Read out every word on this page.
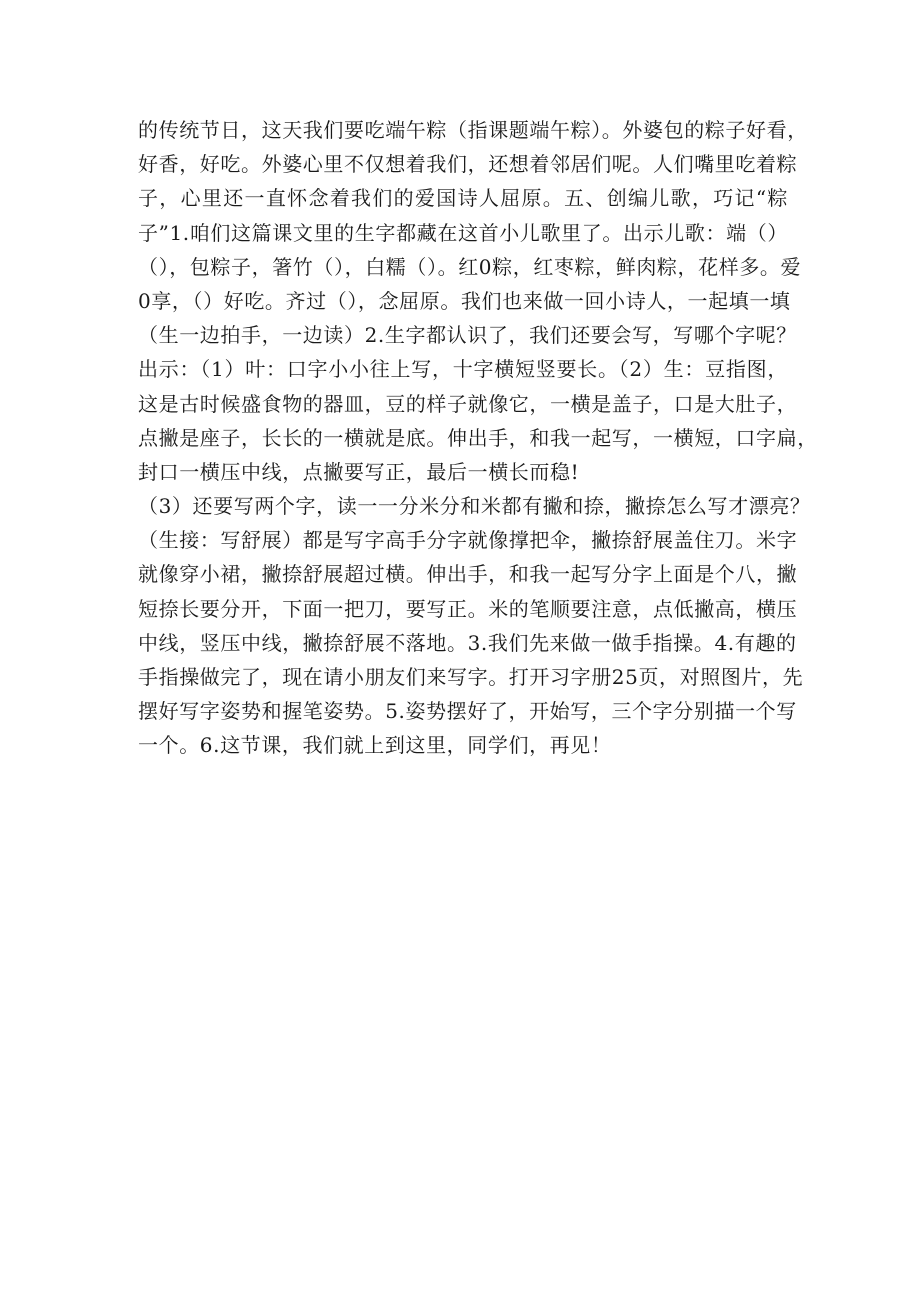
的传统节日，这天我们要吃端午粽（指课题端午粽）。外婆包的粽子好看，
好香，好吃。外婆心里不仅想着我们，还想着邻居们呢。人们嘴里吃着粽
子，心里还一直怀念着我们的爱国诗人屈原。五、创编儿歌，巧记“粽
子”1.咱们这篇课文里的生字都藏在这首小儿歌里了。出示儿歌：端（）
（），包粽子，箸竹（），白糯（）。红0粽，红枣粽，鲜肉粽，花样多。爱
0享，（）好吃。齐过（），念屈原。我们也来做一回小诗人，一起填一填
（生一边拍手，一边读）2.生字都认识了，我们还要会写，写哪个字呢？
出示：（1）叶：口字小小往上写，十字横短竖要长。（2）生：豆指图，
这是古时候盛食物的器皿，豆的样子就像它，一横是盖子，口是大肚子，
点撇是座子，长长的一横就是底。伸出手，和我一起写，一横短，口字扁，
封口一横压中线，点撇要写正，最后一横长而稳!
（3）还要写两个字，读一一分米分和米都有撇和捺，撇捺怎么写才漂亮？
（生接：写舒展）都是写字高手分字就像撑把伞，撇捺舒展盖住刀。米字
就像穿小裙，撇捺舒展超过横。伸出手，和我一起写分字上面是个八，撇
短捺长要分开，下面一把刀，要写正。米的笔顺要注意，点低撇高，横压
中线，竖压中线，撇捺舒展不落地。3.我们先来做一做手指操。4.有趣的
手指操做完了，现在请小朋友们来写字。打开习字册25页，对照图片，先
摆好写字姿势和握笔姿势。5.姿势摆好了，开始写，三个字分别描一个写
一个。6.这节课，我们就上到这里，同学们，再见！
